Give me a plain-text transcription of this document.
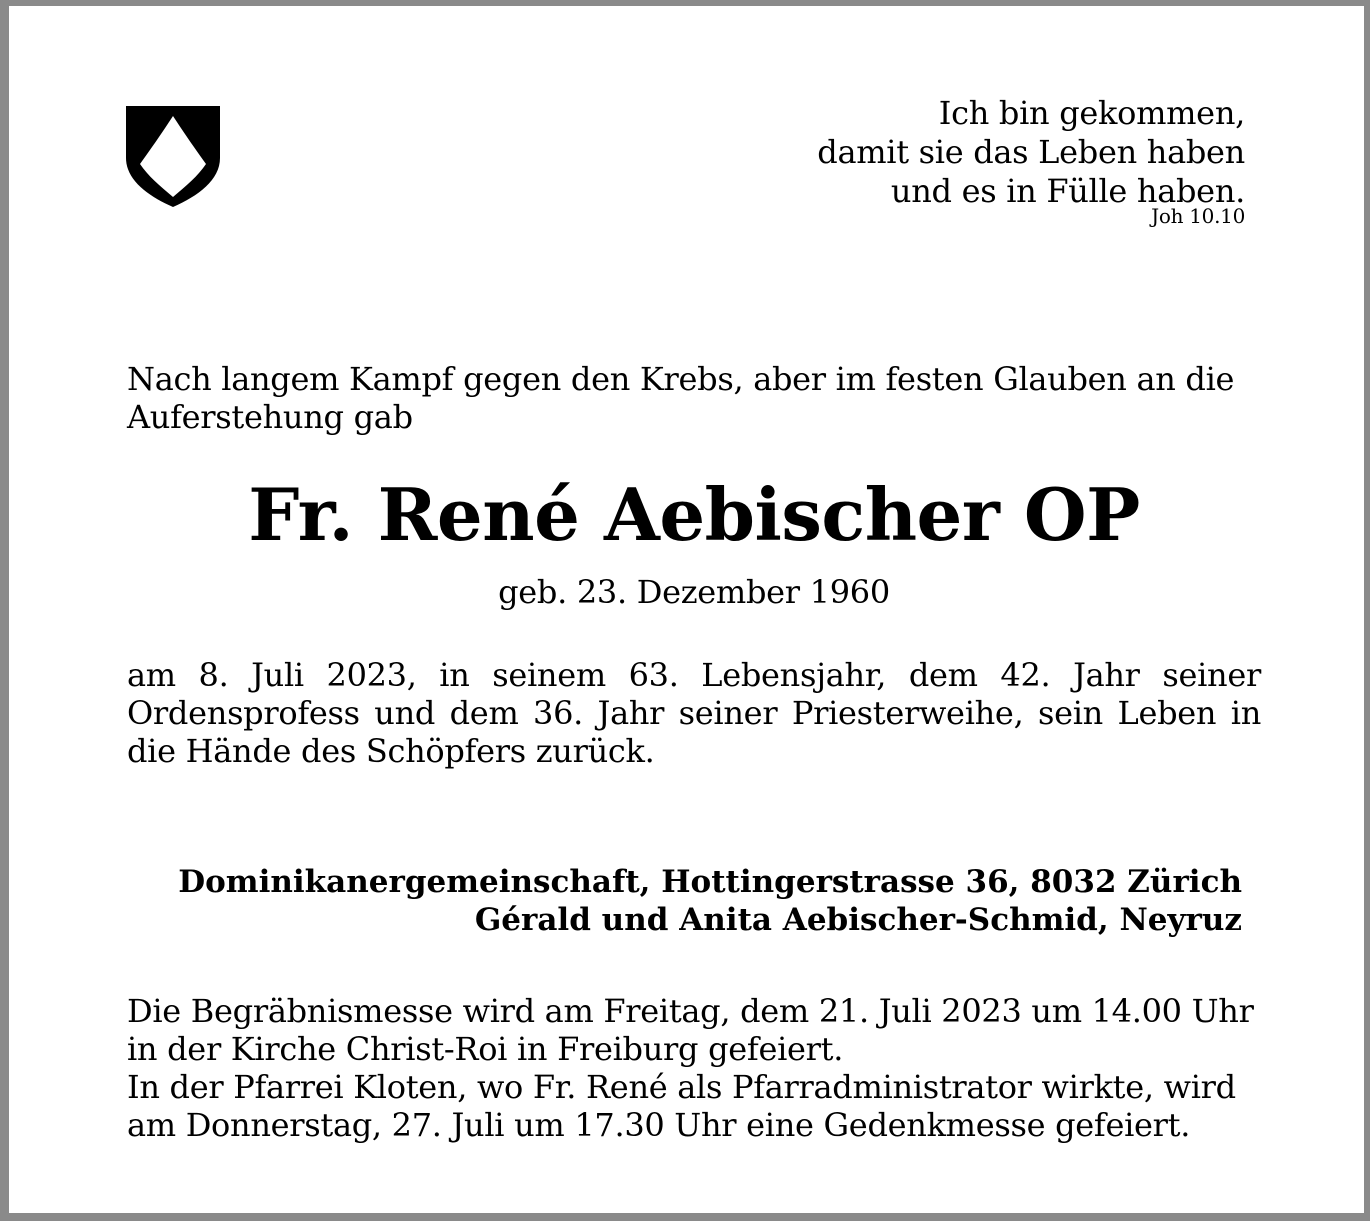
Ich bin gekommen,
damit sie das Leben haben
und es in Fülle haben.
Joh 10.10
Nach langem Kampf gegen den Krebs, aber im festen Glauben an die
Auferstehung gab
Fr. René Aebischer OP
geb. 23. Dezember 1960
am 8. Juli 2023, in seinem 63. Lebensjahr, dem 42. Jahr seiner Ordensprofess und dem 36. Jahr seiner Priesterweihe, sein Leben in die Hände des Schöpfers zurück.
Dominikanergemeinschaft, Hottingerstrasse 36, 8032 Zürich
Gérald und Anita Aebischer-Schmid, Neyruz
Die Begräbnismesse wird am Freitag, dem 21. Juli 2023 um 14.00 Uhr
in der Kirche Christ-Roi in Freiburg gefeiert.
In der Pfarrei Kloten, wo Fr. René als Pfarradministrator wirkte, wird
am Donnerstag, 27. Juli um 17.30 Uhr eine Gedenkmesse gefeiert.
